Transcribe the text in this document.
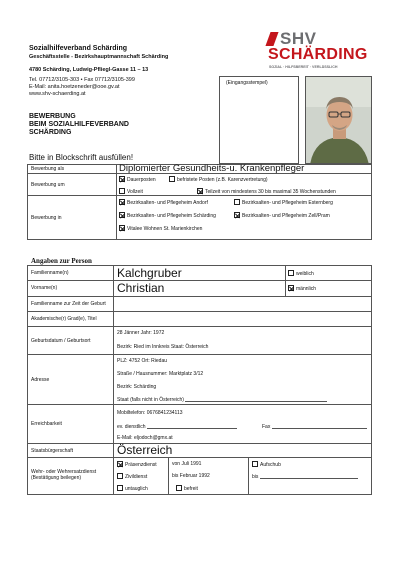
Sozialhilfeverband Schärding
Geschäftsstelle - Bezirkshauptmannschaft Schärding
4780 Schärding, Ludwig-Pfliegl-Gasse 11 – 13
Tel. 07712/3105-303 • Fax 07712/3105-399
E-Mail: anita.hoetzeneder@ooe.gv.at
www.shv-schaerding.at
SHV
SCHÄRDING
SOZIAL · HILFSBEREIT · VERLÄSSLICH
(Eingangsstempel)
BEWERBUNG
BEIM SOZIALHILFEVERBAND
SCHÄRDING
Bitte in Blockschrift ausfüllen!
Bewerbung als	Diplomierter Gesundheits-u. Krankenpfleger
Bewerbung um
Dauerposten	befristete Posten (z.B. Karenzvertretung)
Vollzeit	Teilzeit von mindestens 30 bis maximal 35 Wochenstunden
Bewerbung in
Bezirksalten- und Pflegeheim Andorf	Bezirksalten- und Pflegeheim Esternberg
Bezirksalten- und Pflegeheim Schärding	Bezirksalten- und Pflegeheim Zell/Pram
Vitalee Wohnen St. Marienkirchen
Angaben zur Person
Familienname(n)	Kalchgruber	weiblich
Vorname(n)	Christian	männlich
Familienname zur Zeit der Geburt
Akademische(r) Grad(e), Titel
Geburtsdatum / Geburtsort
28 Jänner Jahr: 1972
Bezirk: Ried im Innkreis Staat: Österreich
Adresse
PLZ: 4752 Ort: Riedau
Straße / Hausnummer: Marktplatz 3/12
Bezirk: Schärding
Staat (falls nicht in Österreich)
Erreichbarkeit
Mobiltelefon: 0676841234113
ev. dienstlich	Fax
E-Mail: eljodoch@gmx.at
Staatsbürgerschaft	Österreich
Wehr- oder Wehrersatzdienst
(Bestätigung beilegen)
Präsenzdienst
Zivildienst
untauglich	befreit
von Juli 1991
bis Februar 1992
Aufschub
bis
